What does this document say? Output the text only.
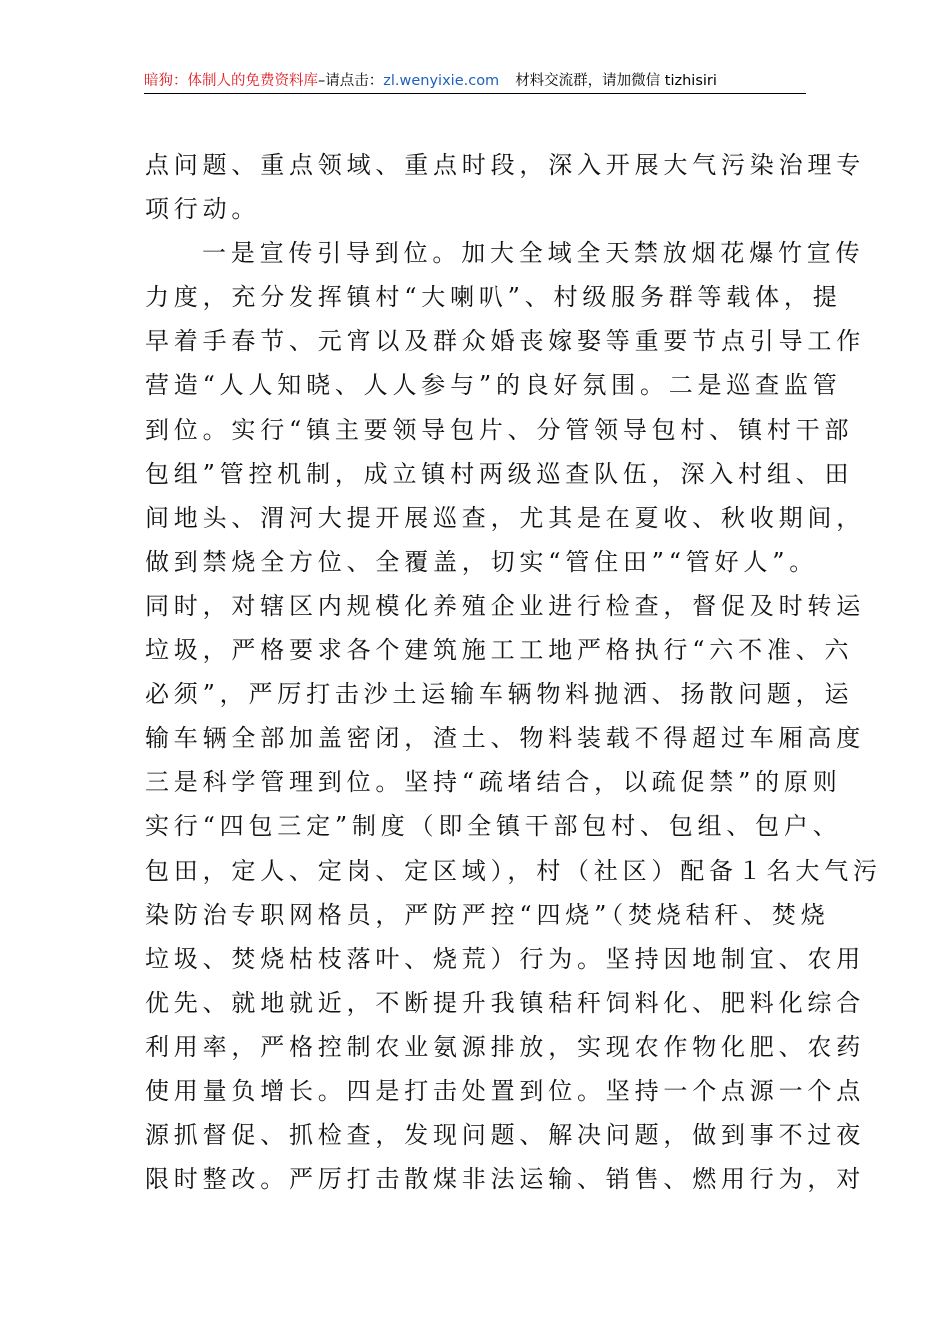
暗狗：体制人的免费资料库–请点击：zl.wenyixie.com 材料交流群，请加微信 tizhisiri
点问题、重点领域、重点时段，深入开展大气污染治理专
项行动。
一是宣传引导到位。加大全域全天禁放烟花爆竹宣传
力度，充分发挥镇村“大喇叭”、村级服务群等载体，提
早着手春节、元宵以及群众婚丧嫁娶等重要节点引导工作
营造“人人知晓、人人参与”的良好氛围。二是巡查监管
到位。实行“镇主要领导包片、分管领导包村、镇村干部
包组”管控机制，成立镇村两级巡查队伍，深入村组、田
间地头、渭河大提开展巡查，尤其是在夏收、秋收期间，
做到禁烧全方位、全覆盖，切实“管住田”“管好人”。
同时，对辖区内规模化养殖企业进行检查，督促及时转运
垃圾，严格要求各个建筑施工工地严格执行“六不准、六
必须”，严厉打击沙土运输车辆物料抛洒、扬散问题，运
输车辆全部加盖密闭，渣土、物料装载不得超过车厢高度
三是科学管理到位。坚持“疏堵结合，以疏促禁”的原则
实行“四包三定”制度（即全镇干部包村、包组、包户、
包田，定人、定岗、定区域），村（社区）配备１名大气污
染防治专职网格员，严防严控“四烧”（焚烧秸秆、焚烧
垃圾、焚烧枯枝落叶、烧荒）行为。坚持因地制宜、农用
优先、就地就近，不断提升我镇秸秆饲料化、肥料化综合
利用率，严格控制农业氨源排放，实现农作物化肥、农药
使用量负增长。四是打击处置到位。坚持一个点源一个点
源抓督促、抓检查，发现问题、解决问题，做到事不过夜
限时整改。严厉打击散煤非法运输、销售、燃用行为，对
